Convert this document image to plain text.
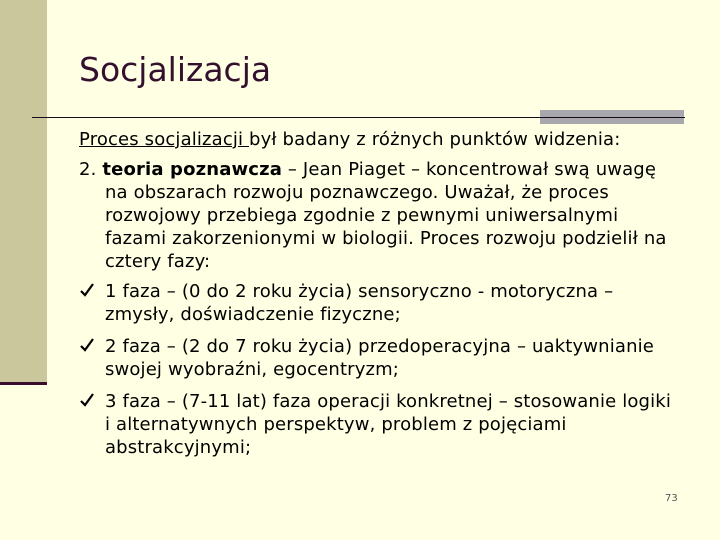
Socjalizacja

Proces socjalizacji był badany z różnych punktów widzenia:

2. teoria poznawcza – Jean Piaget – koncentrował swą uwagę na obszarach rozwoju poznawczego. Uważał, że proces rozwojowy przebiega zgodnie z pewnymi uniwersalnymi fazami zakorzenionymi w biologii. Proces rozwoju podzielił na cztery fazy:

1 faza – (0 do 2 roku życia) sensoryczno - motoryczna – zmysły, doświadczenie fizyczne;
2 faza – (2 do 7 roku życia) przedoperacyjna – uaktywnianie swojej wyobraźni, egocentryzm;
3 faza – (7-11 lat) faza operacji konkretnej – stosowanie logiki i alternatywnych perspektyw, problem z pojęciami abstrakcyjnymi;
73
